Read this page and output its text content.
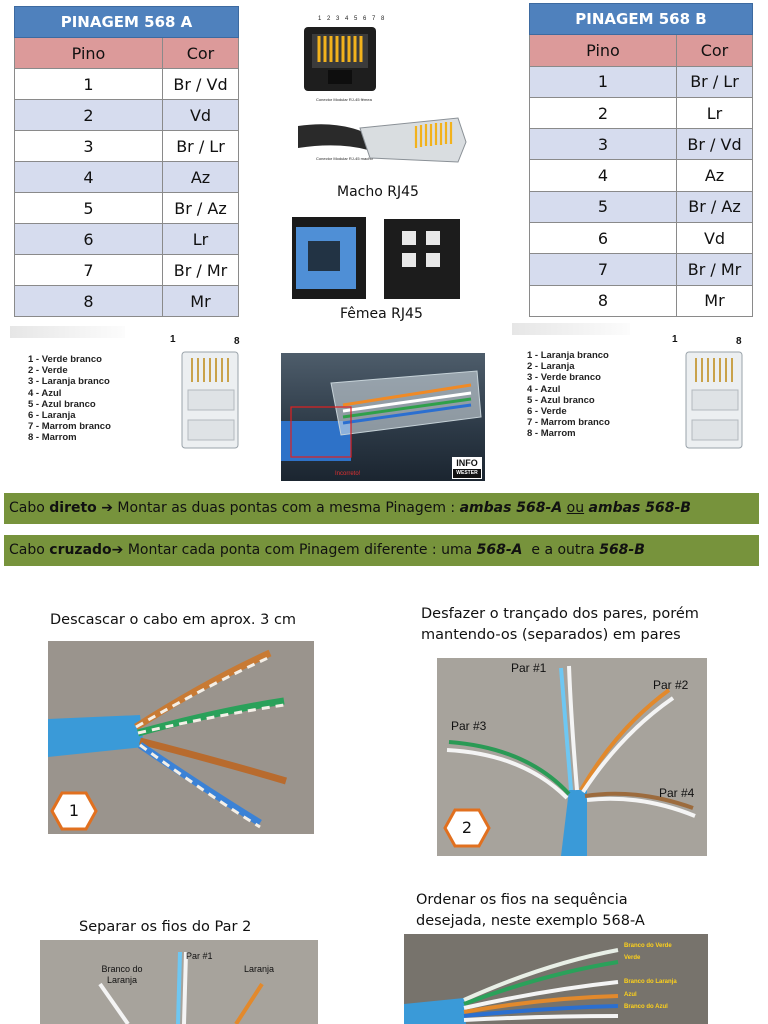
PINAGEM 568 A	
Pino	Cor
1	Br / Vd
2	Vd
3	Br / Lr
4	Az
5	Br / Az
6	Lr
7	Br / Mr
8	Mr
PINAGEM 568 B	
Pino	Cor
1	Br / Lr
2	Lr
3	Br / Vd
4	Az
5	Br / Az
6	Vd
7	Br / Mr
8	Mr
1 2 3 4 5 6 7 8
Conector Modular RJ-45 fêmea
Conector Modular RJ-45 macho
Macho RJ45
Fêmea RJ45
1 - Verde branco
2 - Verde
3 - Laranja branco
4 - Azul
5 - Azul branco
6 - Laranja
7 - Marrom branco
8 - Marrom
1	8
1 - Laranja branco
2 - Laranja
3 - Verde branco
4 - Azul
5 - Azul branco
6 - Verde
7 - Marrom branco
8 - Marrom
1	8
Incorreto!
INFO
WESTER
Cabo direto ➔ Montar as duas pontas com a mesma Pinagem : ambas 568-A ou ambas 568-B
Cabo cruzado➔ Montar cada ponta com Pinagem diferente : uma 568-A  e a outra 568-B
Descascar o cabo em aprox. 3 cm
1
Desfazer o trançado dos pares, porém
mantendo-os (separados) em pares
Par #1
Par #2
Par #3
Par #4
2
Separar os fios do Par 2
Par #1
Branco do Laranja
Laranja
Ordenar os fios na sequência
desejada, neste exemplo 568-A
Branco do Verde
Verde
Branco do Laranja
Azul
Branco do Azul
